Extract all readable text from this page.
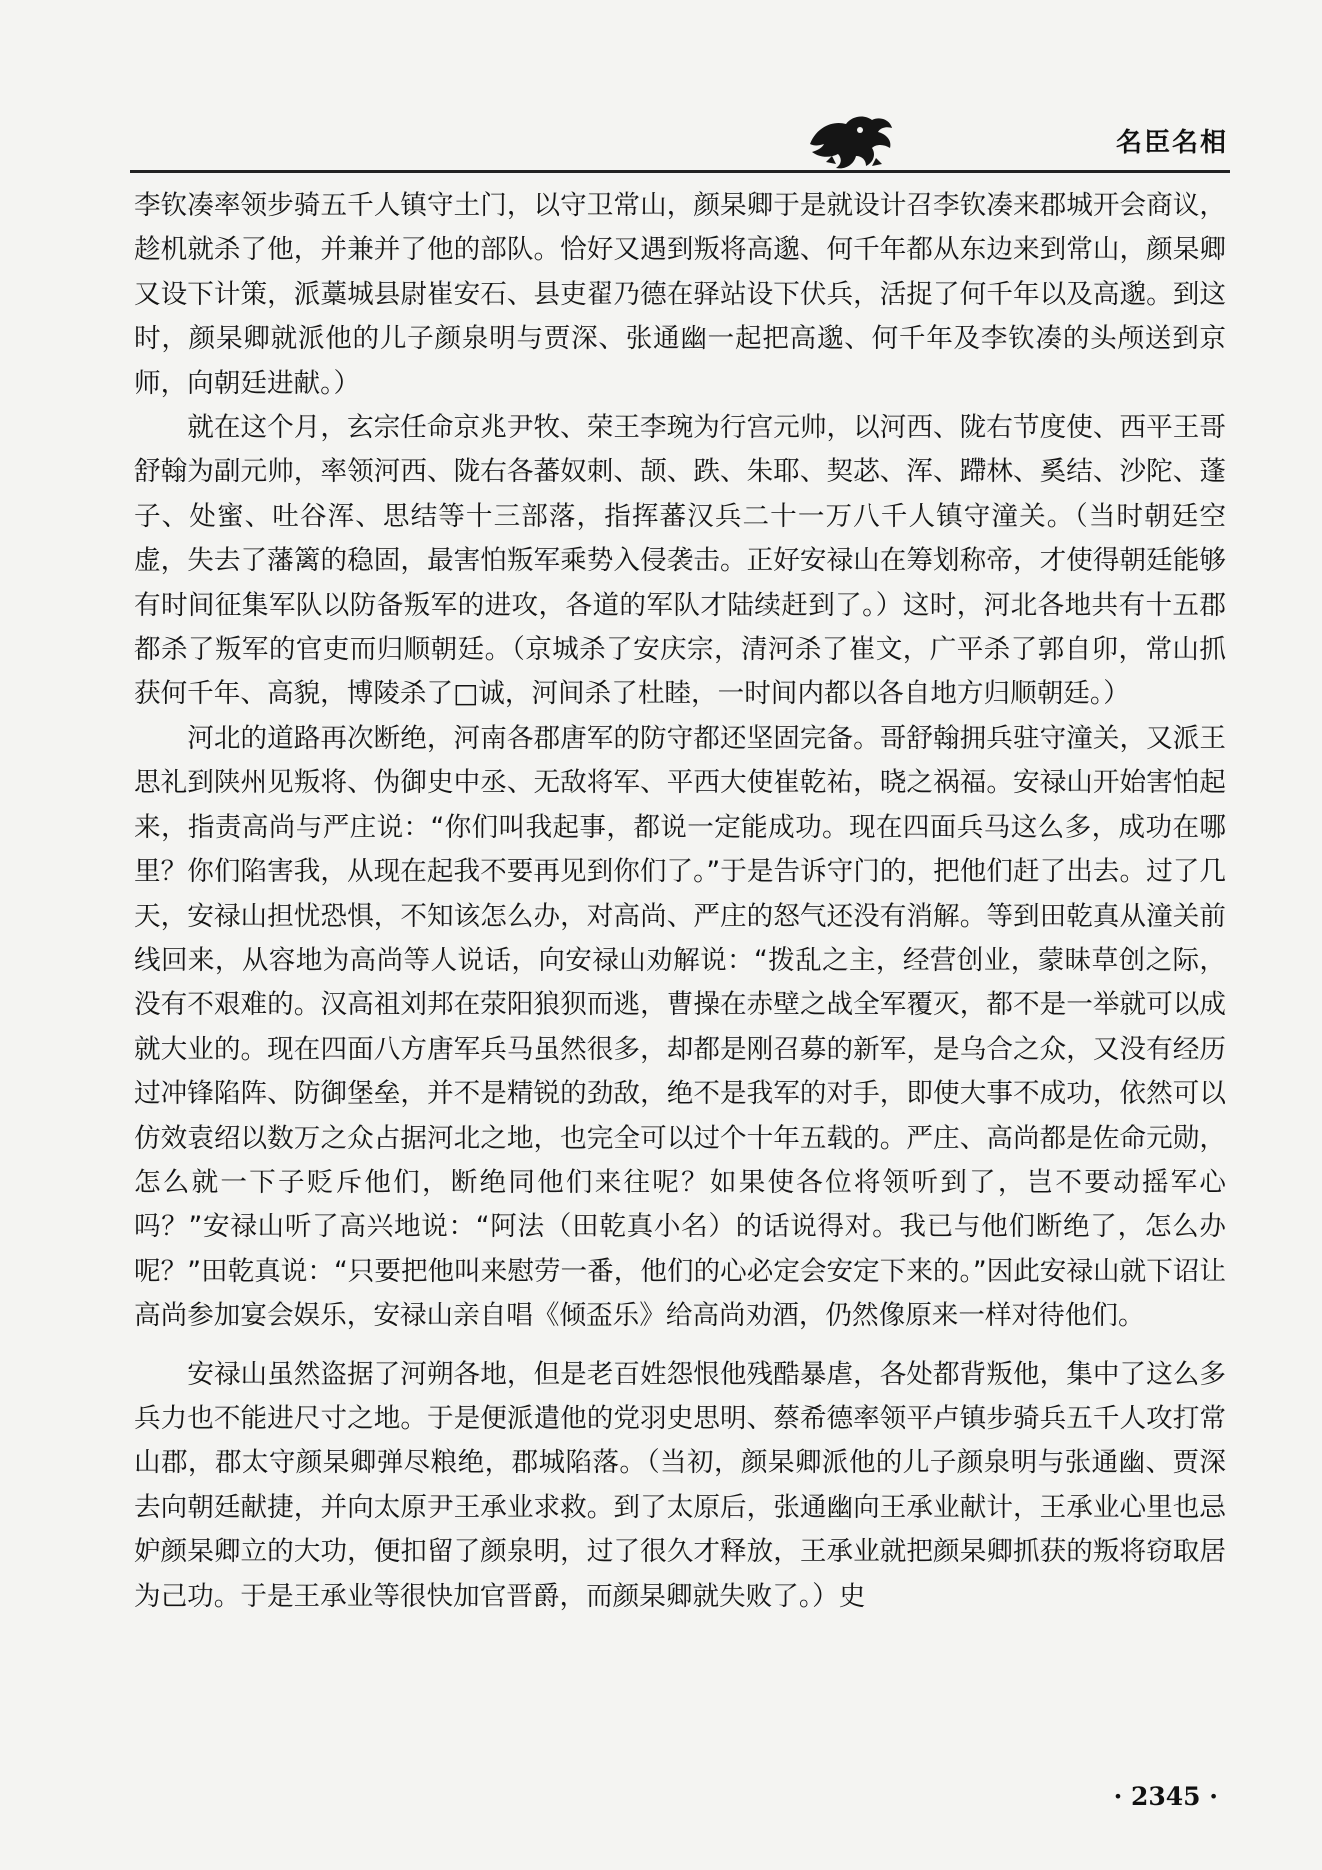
名臣名相

李钦凑率领步骑五千人镇守土门，以守卫常山，颜杲卿于是就设计召李钦凑来郡城开会商议，趁机就杀了他，并兼并了他的部队。恰好又遇到叛将高邈、何千年都从东边来到常山，颜杲卿又设下计策，派藁城县尉崔安石、县吏翟乃德在驿站设下伏兵，活捉了何千年以及高邈。到这时，颜杲卿就派他的儿子颜泉明与贾深、张通幽一起把高邈、何千年及李钦凑的头颅送到京师，向朝廷进献。）

就在这个月，玄宗任命京兆尹牧、荣王李琬为行宫元帅，以河西、陇右节度使、西平王哥舒翰为副元帅，率领河西、陇右各蕃奴刺、颉、跌、朱耶、契苾、浑、蹛林、奚结、沙陀、蓬子、处蜜、吐谷浑、思结等十三部落，指挥蕃汉兵二十一万八千人镇守潼关。（当时朝廷空虚，失去了藩篱的稳固，最害怕叛军乘势入侵袭击。正好安禄山在筹划称帝，才使得朝廷能够有时间征集军队以防备叛军的进攻，各道的军队才陆续赶到了。）这时，河北各地共有十五郡都杀了叛军的官吏而归顺朝廷。（京城杀了安庆宗，清河杀了崔文，广平杀了郭自卯，常山抓获何千年、高貌，博陵杀了□诚，河间杀了杜睦，一时间内都以各自地方归顺朝廷。）

河北的道路再次断绝，河南各郡唐军的防守都还坚固完备。哥舒翰拥兵驻守潼关，又派王思礼到陕州见叛将、伪御史中丞、无敌将军、平西大使崔乾祐，晓之祸福。安禄山开始害怕起来，指责高尚与严庄说：“你们叫我起事，都说一定能成功。现在四面兵马这么多，成功在哪里？你们陷害我，从现在起我不要再见到你们了。”于是告诉守门的，把他们赶了出去。过了几天，安禄山担忧恐惧，不知该怎么办，对高尚、严庄的怒气还没有消解。等到田乾真从潼关前线回来，从容地为高尚等人说话，向安禄山劝解说：“拨乱之主，经营创业，蒙昧草创之际，没有不艰难的。汉高祖刘邦在荥阳狼狈而逃，曹操在赤壁之战全军覆灭，都不是一举就可以成就大业的。现在四面八方唐军兵马虽然很多，却都是刚召募的新军，是乌合之众，又没有经历过冲锋陷阵、防御堡垒，并不是精锐的劲敌，绝不是我军的对手，即使大事不成功，依然可以仿效袁绍以数万之众占据河北之地，也完全可以过个十年五载的。严庄、高尚都是佐命元勋，怎么就一下子贬斥他们，断绝同他们来往呢？如果使各位将领听到了，岂不要动摇军心吗？”安禄山听了高兴地说：“阿法（田乾真小名）的话说得对。我已与他们断绝了，怎么办呢？”田乾真说：“只要把他叫来慰劳一番，他们的心必定会安定下来的。”因此安禄山就下诏让高尚参加宴会娱乐，安禄山亲自唱《倾盃乐》给高尚劝酒，仍然像原来一样对待他们。

安禄山虽然盗据了河朔各地，但是老百姓怨恨他残酷暴虐，各处都背叛他，集中了这么多兵力也不能进尺寸之地。于是便派遣他的党羽史思明、蔡希德率领平卢镇步骑兵五千人攻打常山郡，郡太守颜杲卿弹尽粮绝，郡城陷落。（当初，颜杲卿派他的儿子颜泉明与张通幽、贾深去向朝廷献捷，并向太原尹王承业求救。到了太原后，张通幽向王承业献计，王承业心里也忌妒颜杲卿立的大功，便扣留了颜泉明，过了很久才释放，王承业就把颜杲卿抓获的叛将窃取居为己功。于是王承业等很快加官晋爵，而颜杲卿就失败了。）史

· 2345 ·
